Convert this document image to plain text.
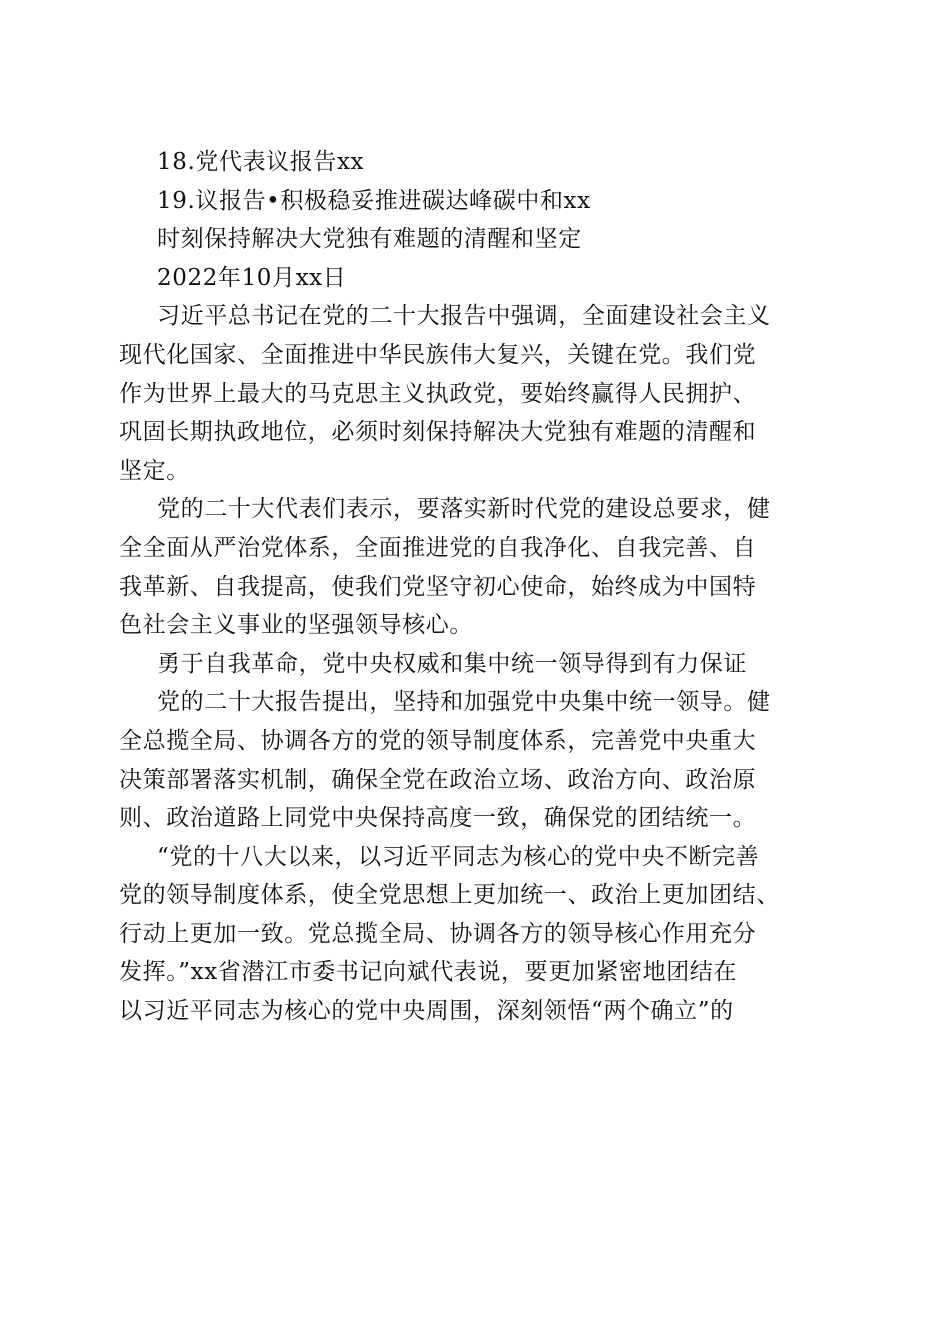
18.党代表议报告xx
19.议报告•积极稳妥推进碳达峰碳中和xx
时刻保持解决大党独有难题的清醒和坚定
2022年10月xx日
习近平总书记在党的二十大报告中强调，全面建设社会主义
现代化国家、全面推进中华民族伟大复兴，关键在党。我们党
作为世界上最大的马克思主义执政党，要始终赢得人民拥护、
巩固长期执政地位，必须时刻保持解决大党独有难题的清醒和
坚定。
党的二十大代表们表示，要落实新时代党的建设总要求，健
全全面从严治党体系，全面推进党的自我净化、自我完善、自
我革新、自我提高，使我们党坚守初心使命，始终成为中国特
色社会主义事业的坚强领导核心。
勇于自我革命，党中央权威和集中统一领导得到有力保证
党的二十大报告提出，坚持和加强党中央集中统一领导。健
全总揽全局、协调各方的党的领导制度体系，完善党中央重大
决策部署落实机制，确保全党在政治立场、政治方向、政治原
则、政治道路上同党中央保持高度一致，确保党的团结统一。
“党的十八大以来，以习近平同志为核心的党中央不断完善
党的领导制度体系，使全党思想上更加统一、政治上更加团结、
行动上更加一致。党总揽全局、协调各方的领导核心作用充分
发挥。”xx省潜江市委书记向斌代表说，要更加紧密地团结在
以习近平同志为核心的党中央周围，深刻领悟“两个确立”的
